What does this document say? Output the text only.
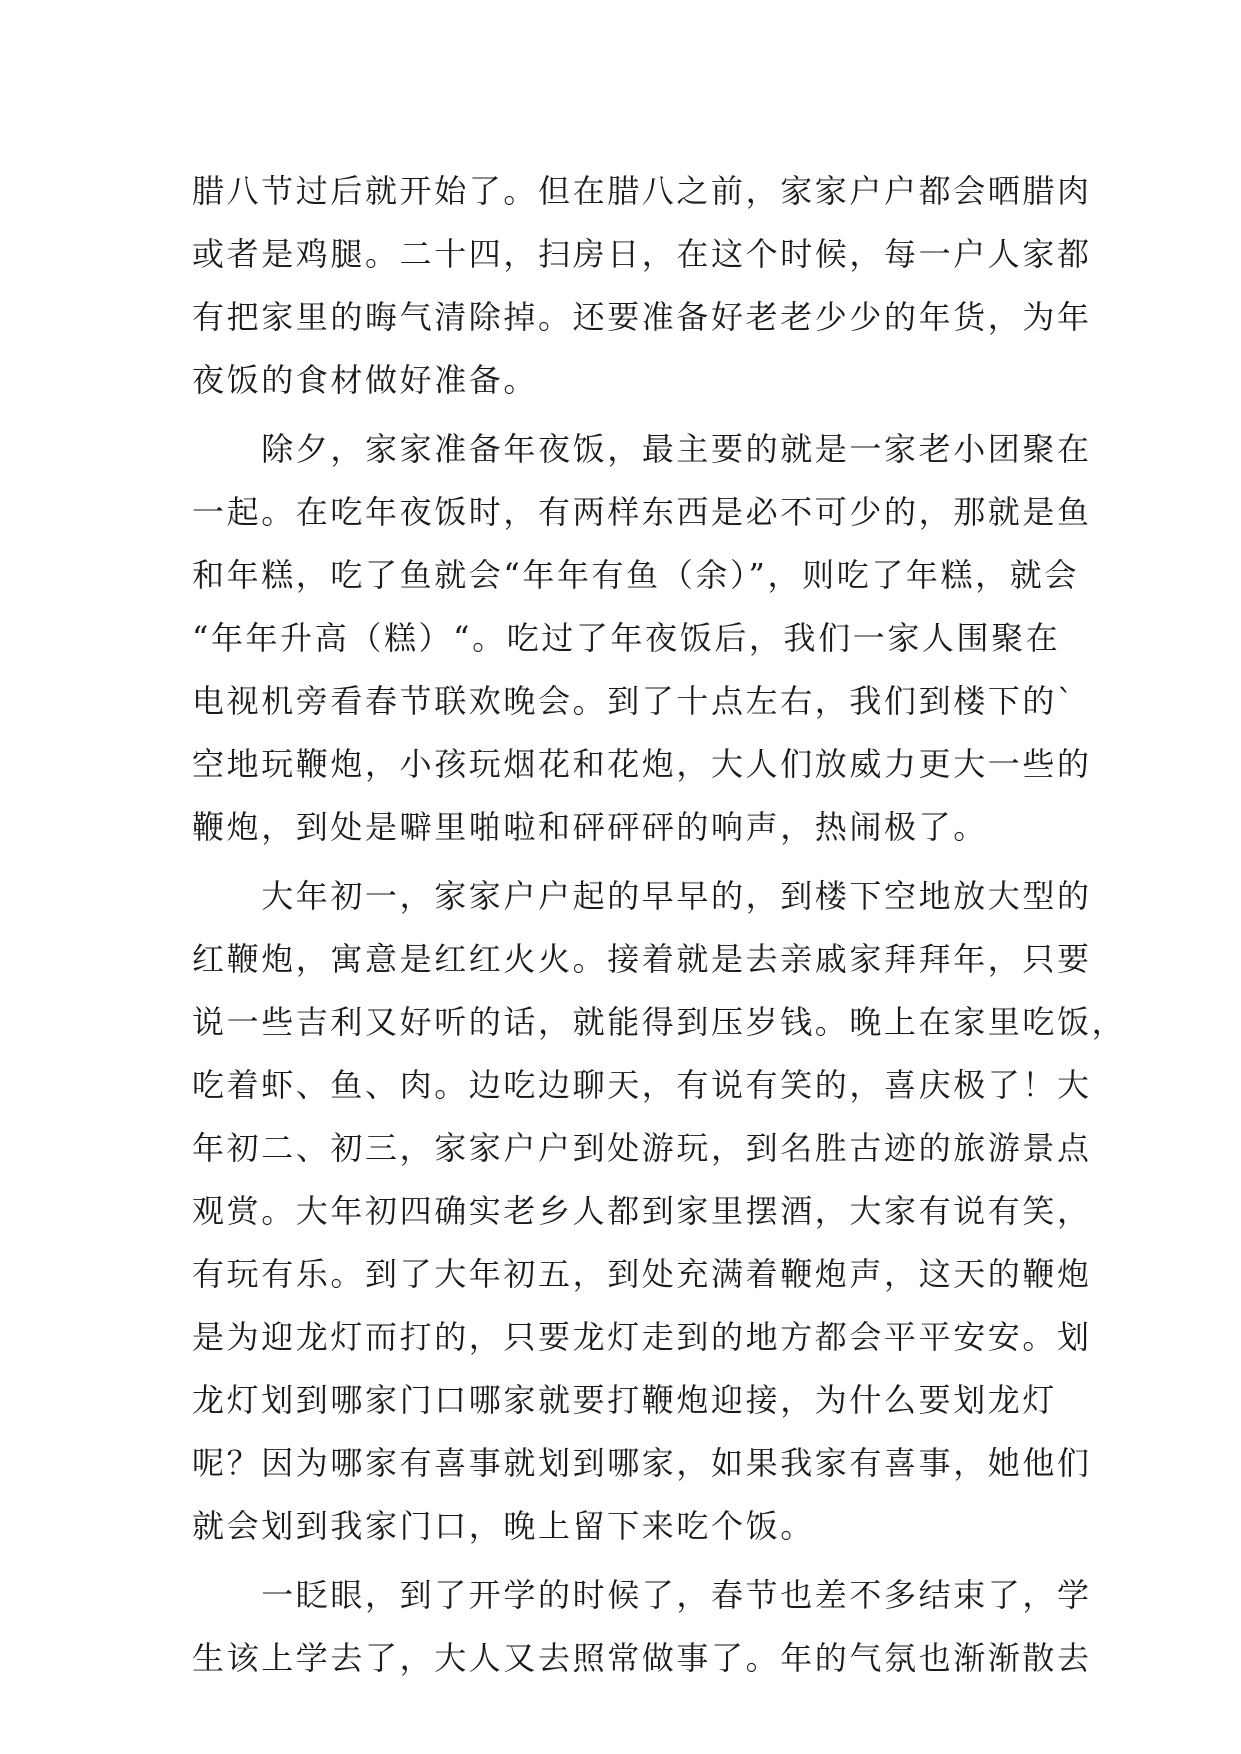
腊八节过后就开始了。但在腊八之前，家家户户都会晒腊肉
或者是鸡腿。二十四，扫房日，在这个时候，每一户人家都
有把家里的晦气清除掉。还要准备好老老少少的年货，为年
夜饭的食材做好准备。
　　除夕，家家准备年夜饭，最主要的就是一家老小团聚在
一起。在吃年夜饭时，有两样东西是必不可少的，那就是鱼
和年糕，吃了鱼就会“年年有鱼（余）”，则吃了年糕，就会
“年年升高（糕）“。吃过了年夜饭后，我们一家人围聚在
电视机旁看春节联欢晚会。到了十点左右，我们到楼下的`
空地玩鞭炮，小孩玩烟花和花炮，大人们放威力更大一些的
鞭炮，到处是噼里啪啦和砰砰砰的响声，热闹极了。
　　大年初一，家家户户起的早早的，到楼下空地放大型的
红鞭炮，寓意是红红火火。接着就是去亲戚家拜拜年，只要
说一些吉利又好听的话，就能得到压岁钱。晚上在家里吃饭，
吃着虾、鱼、肉。边吃边聊天，有说有笑的，喜庆极了！大
年初二、初三，家家户户到处游玩，到名胜古迹的旅游景点
观赏。大年初四确实老乡人都到家里摆酒，大家有说有笑，
有玩有乐。到了大年初五，到处充满着鞭炮声，这天的鞭炮
是为迎龙灯而打的，只要龙灯走到的地方都会平平安安。划
龙灯划到哪家门口哪家就要打鞭炮迎接，为什么要划龙灯
呢？因为哪家有喜事就划到哪家，如果我家有喜事，她他们
就会划到我家门口，晚上留下来吃个饭。
　　一眨眼，到了开学的时候了，春节也差不多结束了，学
生该上学去了，大人又去照常做事了。年的气氛也渐渐散去
